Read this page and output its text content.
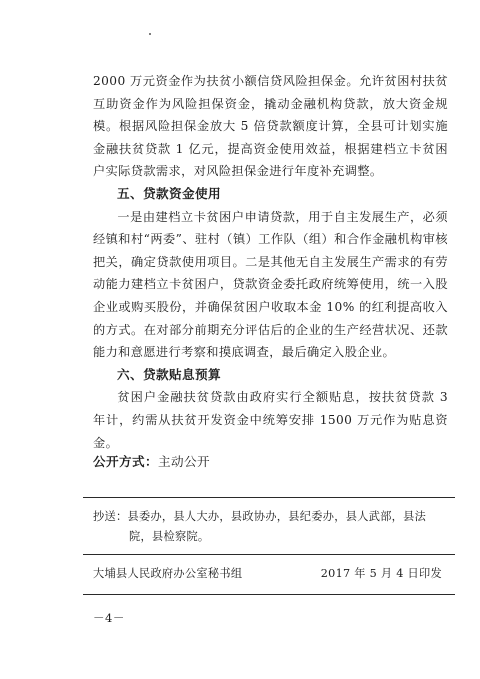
2000 万元资金作为扶贫小额信贷风险担保金。允许贫困村扶贫互助资金作为风险担保资金，撬动金融机构贷款，放大资金规模。根据风险担保金放大 5 倍贷款额度计算，全县可计划实施金融扶贫贷款 1 亿元，提高资金使用效益，根据建档立卡贫困户实际贷款需求，对风险担保金进行年度补充调整。

五、贷款资金使用

一是由建档立卡贫困户申请贷款，用于自主发展生产，必须经镇和村“两委”、驻村（镇）工作队（组）和合作金融机构审核把关，确定贷款使用项目。二是其他无自主发展生产需求的有劳动能力建档立卡贫困户，贷款资金委托政府统筹使用，统一入股企业或购买股份，并确保贫困户收取本金 10% 的红利提高收入的方式。在对部分前期充分评估后的企业的生产经营状况、还款能力和意愿进行考察和摸底调查，最后确定入股企业。

六、贷款贴息预算

贫困户金融扶贫贷款由政府实行全额贴息，按扶贫贷款 3 年计，约需从扶贫开发资金中统筹安排 1500 万元作为贴息资金。

公开方式：主动公开
抄送：县委办，县人大办，县政协办，县纪委办，县人武部，县法
院，县检察院。
大埔县人民政府办公室秘书组	2017 年 5 月 4 日印发
－4－
